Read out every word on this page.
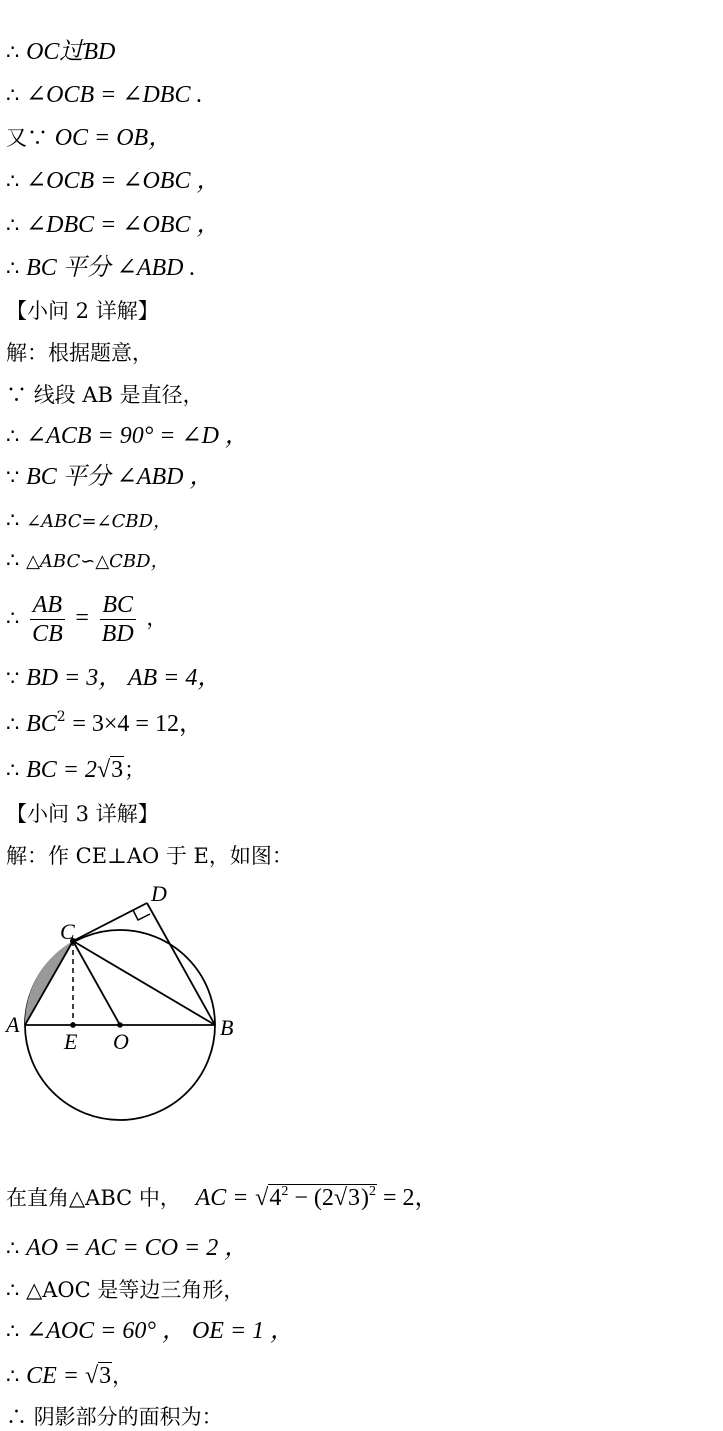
∴ OC过BD
∴ ∠OCB = ∠DBC .
又∵ OC = OB，
∴ ∠OCB = ∠OBC ，
∴ ∠DBC = ∠OBC ，
∴ BC 平分 ∠ABD .
【小问 2 详解】
解：根据题意，
∵ 线段 AB 是直径，
∴ ∠ACB = 90° = ∠D ，
∵ BC 平分 ∠ABD ，
∴ ∠ABC=∠CBD，
∴ △ABC∽△CBD，
∴ $\frac{AB}{CB} = \frac{BC}{BD}$ ，
∵ BD = 3， AB = 4，
∴ $BC^2 = 3\times 4 = 12$，
∴ BC = 2√3；
【小问 3 详解】
解：作 CE⊥AO 于 E，如图：
A	B
C
D
E O
在直角△ABC 中， AC = $√4^2 - (2√3)^2 = 2$，
∴ AO = AC = CO = 2 ，
∴ △AOC 是等边三角形，
∴ ∠AOC = 60° ， OE = 1 ，
∴ CE = √3，
∴ 阴影部分的面积为：
